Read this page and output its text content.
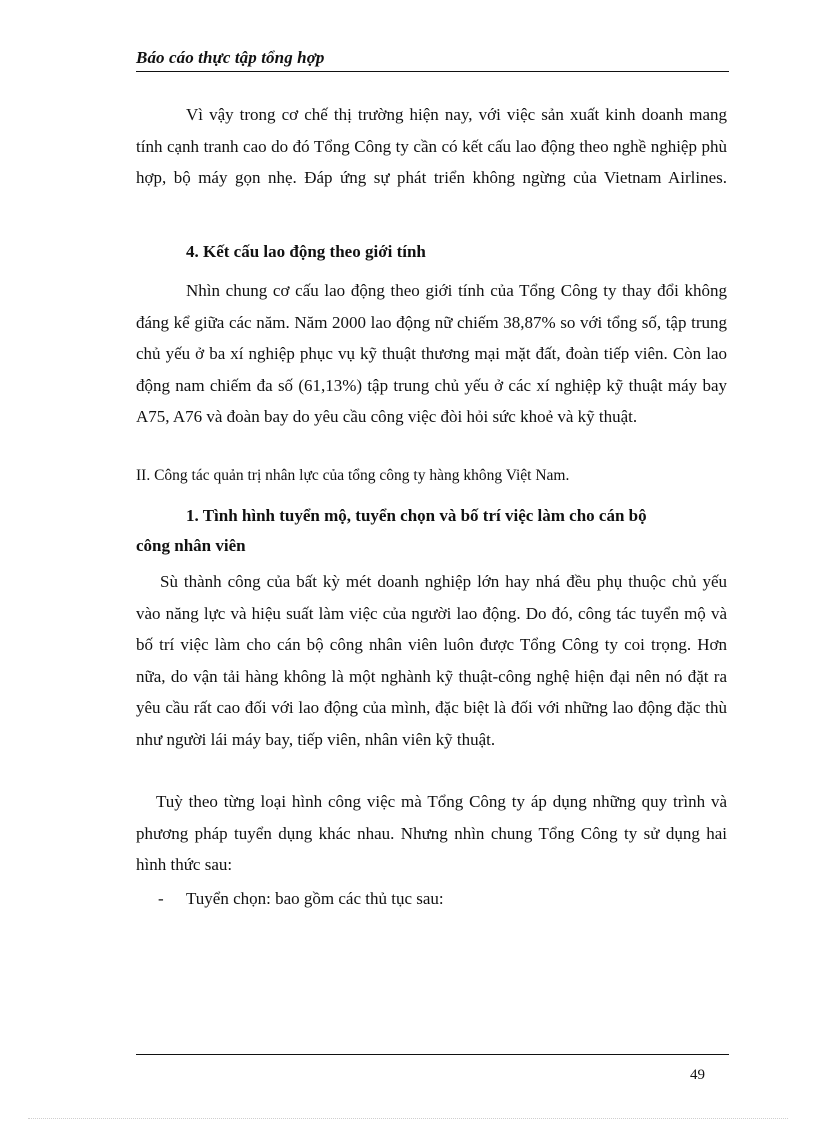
Báo cáo thực tập tổng hợp
Vì vậy trong cơ chế thị trường hiện nay, với việc sản xuất kinh doanh mang tính cạnh tranh cao do đó Tổng Công ty cần có kết cấu lao động theo nghề nghiệp phù hợp, bộ máy gọn nhẹ. Đáp ứng sự phát triển không ngừng của Vietnam Airlines.
4. Kết cấu lao động theo giới tính
Nhìn chung cơ cấu lao động theo giới tính của Tổng Công ty thay đổi không đáng kể giữa các năm. Năm 2000 lao động nữ chiếm 38,87% so với tổng số, tập trung chủ yếu ở ba xí nghiệp phục vụ kỹ thuật thương mại mặt đất, đoàn tiếp viên. Còn lao động nam chiếm đa số (61,13%) tập trung chủ yếu ở các xí nghiệp kỹ thuật máy bay A75, A76 và đoàn bay do yêu cầu công việc đòi hỏi sức khoẻ và kỹ thuật.
II. Công tác quản trị nhân lực của tổng công ty hàng không Việt Nam.
1. Tình hình tuyển mộ, tuyển chọn và bố trí việc làm cho cán bộ
công nhân viên
Sù thành công của bất kỳ mét doanh nghiệp lớn hay nhá đều phụ thuộc chủ yếu vào năng lực và hiệu suất làm việc của người lao động. Do đó, công tác tuyển mộ và bố trí việc làm cho cán bộ công nhân viên luôn được Tổng Công ty coi trọng. Hơn nữa, do vận tải hàng không là một nghành kỹ thuật-công nghệ hiện đại nên nó đặt ra yêu cầu rất cao đối với lao động của mình, đặc biệt là đối với những lao động đặc thù như người lái máy bay, tiếp viên, nhân viên kỹ thuật.
Tuỳ theo từng loại hình công việc mà Tổng Công ty áp dụng những quy trình và phương pháp tuyển dụng khác nhau. Nhưng nhìn chung Tổng Công ty sử dụng hai hình thức sau:
- Tuyển chọn: bao gồm các thủ tục sau:
49
